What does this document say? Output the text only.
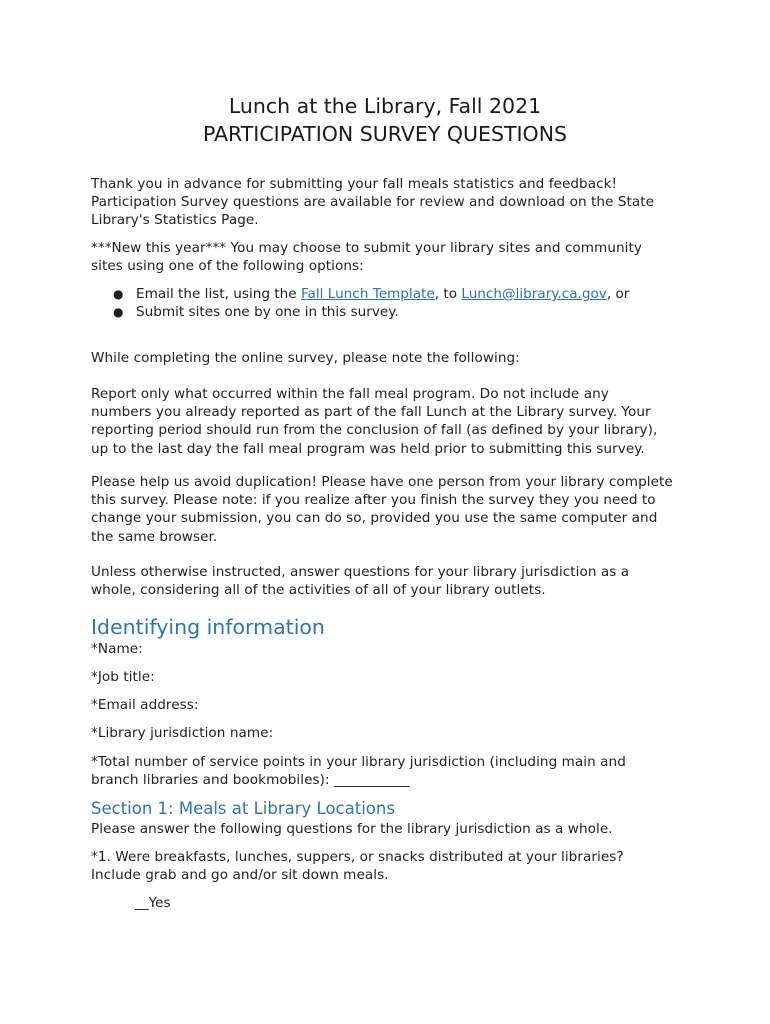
Lunch at the Library, Fall 2021
PARTICIPATION SURVEY QUESTIONS
Thank you in advance for submitting your fall meals statistics and feedback!
Participation Survey questions are available for review and download on the State
Library's Statistics Page.
***New this year*** You may choose to submit your library sites and community
sites using one of the following options:
● Email the list, using the Fall Lunch Template, to Lunch@library.ca.gov, or
● Submit sites one by one in this survey.
While completing the online survey, please note the following:
Report only what occurred within the fall meal program. Do not include any
numbers you already reported as part of the fall Lunch at the Library survey. Your
reporting period should run from the conclusion of fall (as defined by your library),
up to the last day the fall meal program was held prior to submitting this survey.
Please help us avoid duplication! Please have one person from your library complete
this survey. Please note: if you realize after you finish the survey they you need to
change your submission, you can do so, provided you use the same computer and
the same browser.
Unless otherwise instructed, answer questions for your library jurisdiction as a
whole, considering all of the activities of all of your library outlets.
Identifying information
*Name:
*Job title:
*Email address:
*Library jurisdiction name:
*Total number of service points in your library jurisdiction (including main and
branch libraries and bookmobiles): ___________
Section 1: Meals at Library Locations
Please answer the following questions for the library jurisdiction as a whole.
*1. Were breakfasts, lunches, suppers, or snacks distributed at your libraries?
Include grab and go and/or sit down meals.
__Yes
